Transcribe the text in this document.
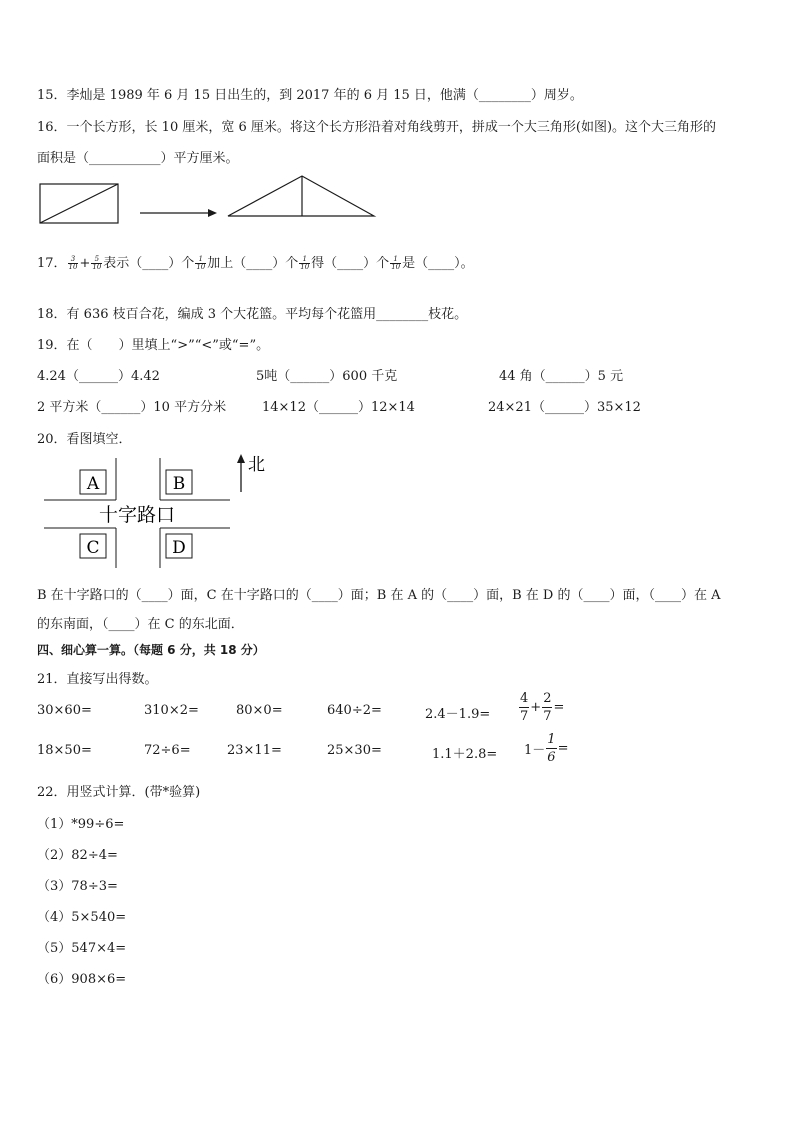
15．李灿是 1989 年 6 月 15 日出生的，到 2017 年的 6 月 15 日，他满（________）周岁。
16．一个长方形，长 10 厘米，宽 6 厘米。将这个长方形沿着对角线剪开，拼成一个大三角形(如图)。这个大三角形的
面积是（___________）平方厘米。
17． $\frac{3}{10} + \frac{5}{10}$ 表示（____）个 $\frac{1}{10}$ 加上（____）个 $\frac{1}{10}$ 得（____）个 $\frac{1}{10}$ 是（____）。
18．有 636 枝百合花，编成 3 个大花篮。平均每个花篮用________枝花。
19．在（　　）里填上“>”“<”或“=”。
4.24（______）4.42	5吨（______）600 千克	44 角（______）5 元
2 平方米（______）10 平方分米	14×12（______）12×14	24×21（______）35×12
20．看图填空．
A	B
C	D
十字路口
北
B 在十字路口的（____）面，C 在十字路口的（____）面；B 在 A 的（____）面，B 在 D 的（____）面，（____）在 A
的东南面，（____）在 C 的东北面．
四、细心算一算。（每题 6 分，共 18 分）
21．直接写出得数。
30×60=	310×2=	80×0=	640÷2=	$2.4-1.9= \frac{4}{7} + \frac{2}{7}$ =
18×50=	72÷6=	23×11=	25×30=	$1.1+2.8= 1- \frac{1}{6}$ =
22．用竖式计算．(带*验算)
（1）*99÷6=
（2）82÷4=
（3）78÷3=
（4）5×540=
（5）547×4=
（6）908×6=
